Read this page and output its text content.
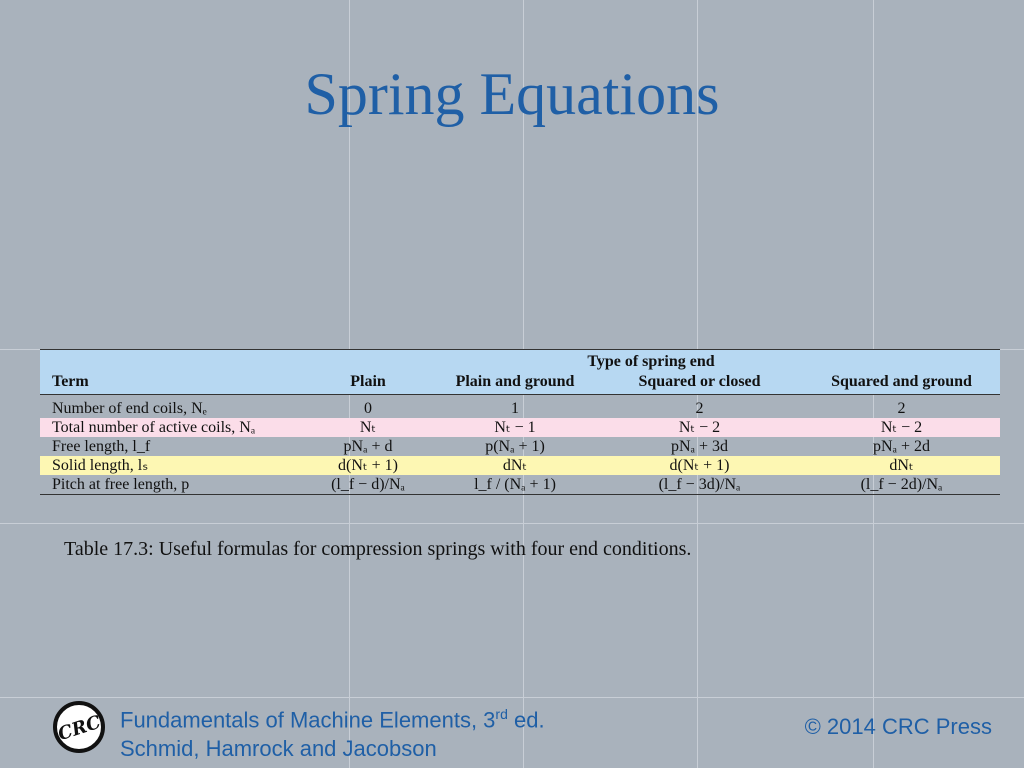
Spring Equations
	Type of spring end			
Term	Plain	Plain and ground	Squared or closed	Squared and ground
Number of end coils, Nₑ	0	1	2	2
Total number of active coils, Nₐ	Nₜ	Nₜ − 1	Nₜ − 2	Nₜ − 2
Free length, l_f	pNₐ + d	p(Nₐ + 1)	pNₐ + 3d	pNₐ + 2d
Solid length, lₛ	d(Nₜ + 1)	dNₜ	d(Nₜ + 1)	dNₜ
Pitch at free length, p	(l_f − d)/Nₐ	l_f / (Nₐ + 1)	(l_f − 3d)/Nₐ	(l_f − 2d)/Nₐ
Table 17.3: Useful formulas for compression springs with four end conditions.
CRC Fundamentals of Machine Elements, 3rd ed.
Schmid, Hamrock and Jacobson
© 2014 CRC Press
